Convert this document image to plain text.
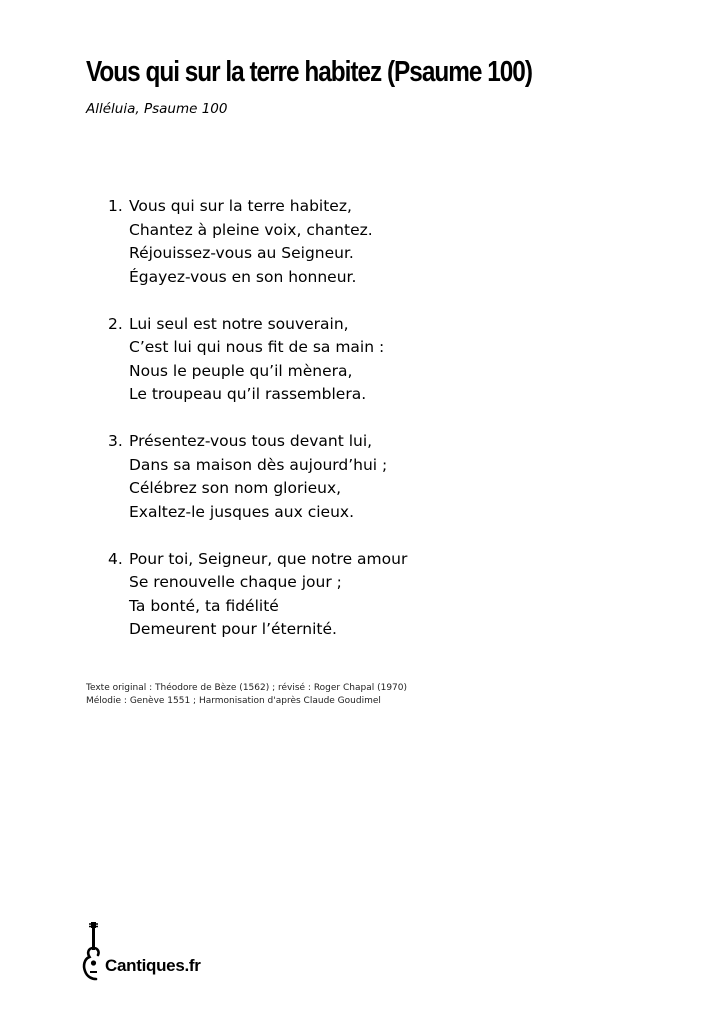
Vous qui sur la terre habitez (Psaume 100)
Alléluia, Psaume 100
1. Vous qui sur la terre habitez,
Chantez à pleine voix, chantez.
Réjouissez-vous au Seigneur.
Égayez-vous en son honneur.
2. Lui seul est notre souverain,
C’est lui qui nous fit de sa main :
Nous le peuple qu’il mènera,
Le troupeau qu’il rassemblera.
3. Présentez-vous tous devant lui,
Dans sa maison dès aujourd’hui ;
Célébrez son nom glorieux,
Exaltez-le jusques aux cieux.
4. Pour toi, Seigneur, que notre amour
Se renouvelle chaque jour ;
Ta bonté, ta fidélité
Demeurent pour l’éternité.
Texte original : Théodore de Bèze (1562) ; révisé : Roger Chapal (1970)
Mélodie : Genève 1551 ; Harmonisation d'après Claude Goudimel
Cantiques.fr
